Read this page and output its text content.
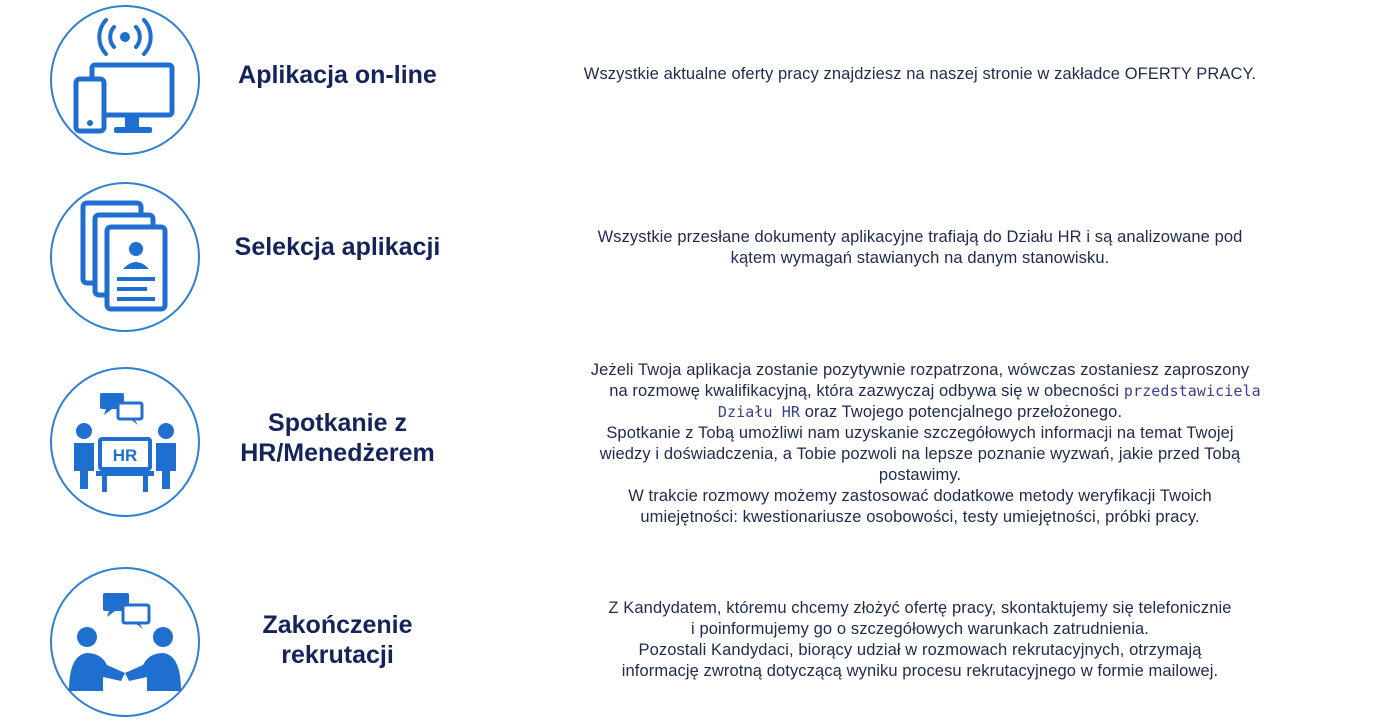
Aplikacja on-line	Wszystkie aktualne oferty pracy znajdziesz na naszej stronie w zakładce OFERTY PRACY.
Selekcja aplikacji	Wszystkie przesłane dokumenty aplikacyjne trafiają do Działu HR i są analizowane pod
kątem wymagań stawianych na danym stanowisku.
HR
Spotkanie z
HR/Menedżerem
Jeżeli Twoja aplikacja zostanie pozytywnie rozpatrzona, wówczas zostaniesz zaproszony
na rozmowę kwalifikacyjną, która zazwyczaj odbywa się w obecności przedstawiciela
Działu HR oraz Twojego potencjalnego przełożonego.
Spotkanie z Tobą umożliwi nam uzyskanie szczegółowych informacji na temat Twojej
wiedzy i doświadczenia, a Tobie pozwoli na lepsze poznanie wyzwań, jakie przed Tobą
postawimy.
W trakcie rozmowy możemy zastosować dodatkowe metody weryfikacji Twoich
umiejętności: kwestionariusze osobowości, testy umiejętności, próbki pracy.
Zakończenie
rekrutacji
Z Kandydatem, któremu chcemy złożyć ofertę pracy, skontaktujemy się telefonicznie
i poinformujemy go o szczegółowych warunkach zatrudnienia.
Pozostali Kandydaci, biorący udział w rozmowach rekrutacyjnych, otrzymają
informację zwrotną dotyczącą wyniku procesu rekrutacyjnego w formie mailowej.
